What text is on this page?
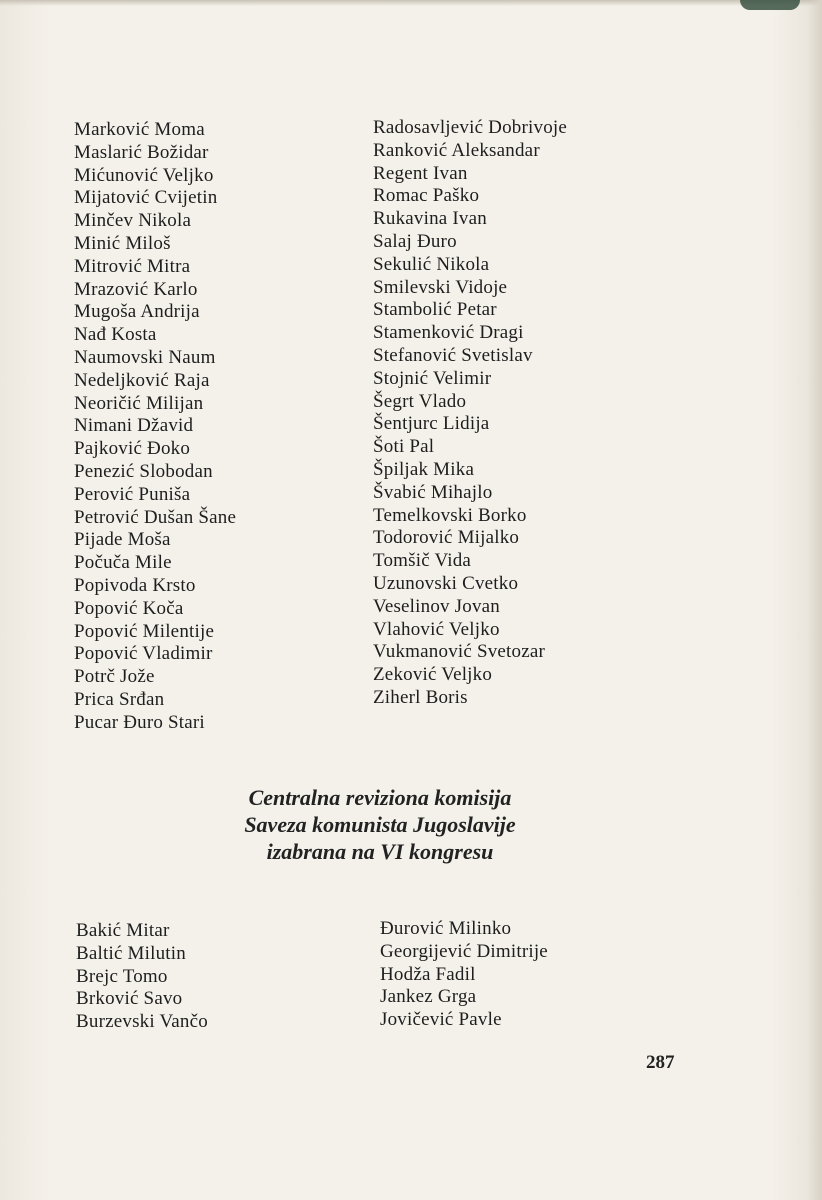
Marković Moma
Maslarić Božidar
Mićunović Veljko
Mijatović Cvijetin
Minčev Nikola
Minić Miloš
Mitrović Mitra
Mrazović Karlo
Mugoša Andrija
Nađ Kosta
Naumovski Naum
Nedeljković Raja
Neoričić Milijan
Nimani Džavid
Pajković Đoko
Penezić Slobodan
Perović Puniša
Petrović Dušan Šane
Pijade Moša
Počuča Mile
Popivoda Krsto
Popović Koča
Popović Milentije
Popović Vladimir
Potrč Jože
Prica Srđan
Pucar Đuro Stari
Radosavljević Dobrivoje
Ranković Aleksandar
Regent Ivan
Romac Paško
Rukavina Ivan
Salaj Đuro
Sekulić Nikola
Smilevski Vidoje
Stambolić Petar
Stamenković Dragi
Stefanović Svetislav
Stojnić Velimir
Šegrt Vlado
Šentjurc Lidija
Šoti Pal
Špiljak Mika
Švabić Mihajlo
Temelkovski Borko
Todorović Mijalko
Tomšič Vida
Uzunovski Cvetko
Veselinov Jovan
Vlahović Veljko
Vukmanović Svetozar
Zeković Veljko
Ziherl Boris
Centralna reviziona komisija
Saveza komunista Jugoslavije
izabrana na VI kongresu
Bakić Mitar
Baltić Milutin
Brejc Tomo
Brković Savo
Burzevski Vančo
Đurović Milinko
Georgijević Dimitrije
Hodža Fadil
Jankez Grga
Jovičević Pavle
287
